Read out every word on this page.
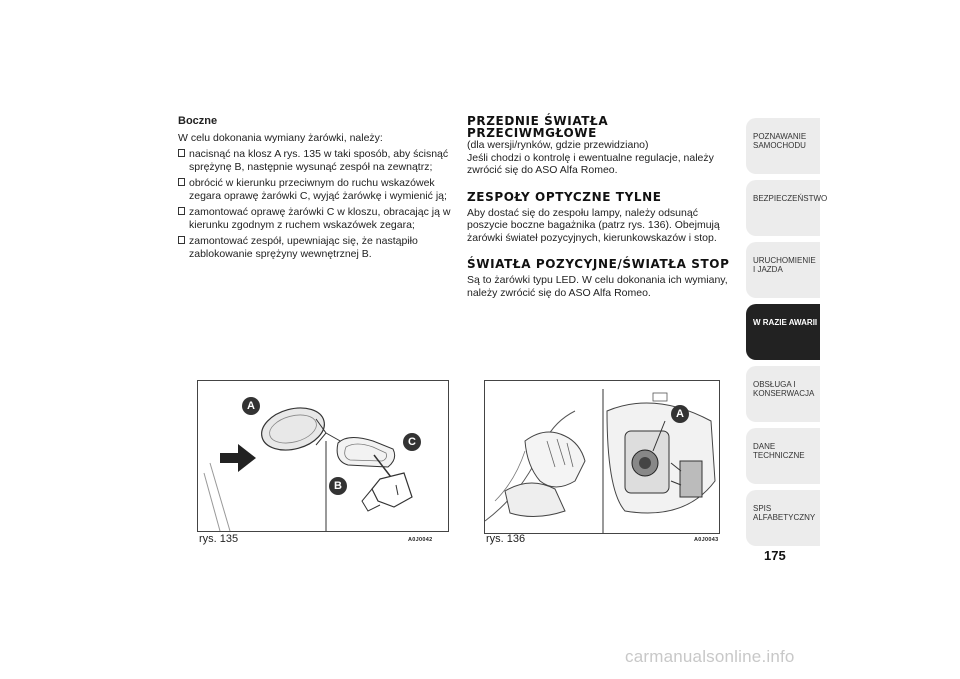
Boczne

W celu dokonania wymiany żarówki, należy:

nacisnąć na klosz A rys. 135 w taki sposób, aby ścisnąć sprężynę B, następnie wysunąć zespół na zewnątrz;
obrócić w kierunku przeciwnym do ruchu wskazówek zegara oprawę żarówki C, wyjąć żarówkę i wymienić ją;
zamontować oprawę żarówki C w kloszu, obracając ją w kierunku zgodnym z ruchem wskazówek zegara;
zamontować zespół, upewniając się, że nastąpiło zablokowanie sprężyny wewnętrznej B.
PRZEDNIE ŚWIATŁA
PRZECIWMGŁOWE

(dla wersji/rynków, gdzie przewidziano)

Jeśli chodzi o kontrolę i ewentualne regulacje, należy zwrócić się do ASO Alfa Romeo.

ZESPOŁY OPTYCZNE TYLNE

Aby dostać się do zespołu lampy, należy odsunąć poszycie boczne bagażnika (patrz rys. 136). Obejmują żarówki świateł pozycyjnych, kierunkowskazów i stop.

ŚWIATŁA POZYCYJNE/ŚWIATŁA STOP

Są to żarówki typu LED. W celu dokonania ich wymiany, należy zwrócić się do ASO Alfa Romeo.

A
C
B
rys. 135	A0J0042
A
rys. 136	A0J0043
POZNAWANIE SAMOCHODU
BEZPIECZEŃSTWO
URUCHOMIENIE I JAZDA
W RAZIE AWARII
OBSŁUGA I KONSERWACJA
DANE TECHNICZNE
SPIS ALFABETYCZNY
175
carmanualsonline.info
